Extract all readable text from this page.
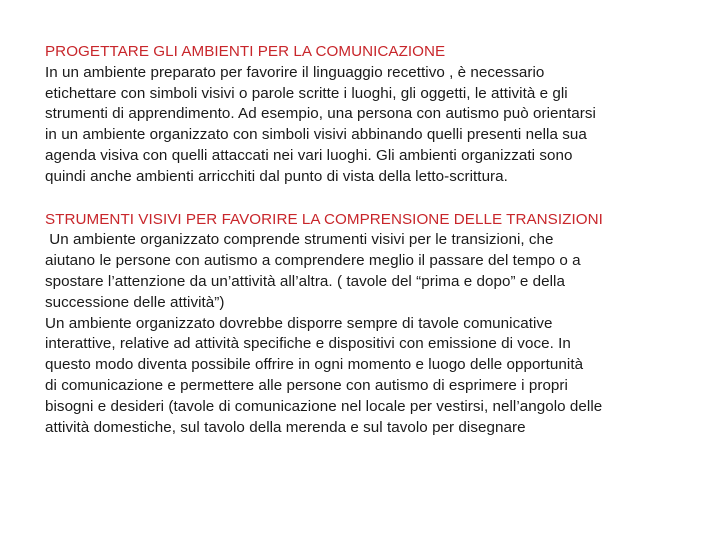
PROGETTARE GLI AMBIENTI PER LA COMUNICAZIONE
In un ambiente preparato per favorire il linguaggio recettivo , è necessario
etichettare con simboli visivi o parole scritte i luoghi, gli oggetti, le attività e gli
strumenti di apprendimento. Ad esempio, una persona con autismo può orientarsi
in un ambiente organizzato con simboli visivi abbinando quelli presenti nella sua
agenda visiva con quelli attaccati nei vari luoghi. Gli ambienti organizzati sono
quindi anche ambienti arricchiti dal punto di vista della letto-scrittura.
STRUMENTI VISIVI PER FAVORIRE LA COMPRENSIONE DELLE TRANSIZIONI
Un ambiente organizzato comprende strumenti visivi per le transizioni, che
aiutano le persone con autismo a comprendere meglio il passare del tempo o a
spostare l’attenzione da un’attività all’altra. ( tavole del “prima e dopo” e della
successione delle attività”)
Un ambiente organizzato dovrebbe disporre sempre di tavole comunicative
interattive, relative ad attività specifiche e dispositivi con emissione di voce. In
questo modo diventa possibile offrire in ogni momento e luogo delle opportunità
di comunicazione e permettere alle persone con autismo di esprimere i propri
bisogni e desideri (tavole di comunicazione nel locale per vestirsi, nell’angolo delle
attività domestiche, sul tavolo della merenda e sul tavolo per disegnare
